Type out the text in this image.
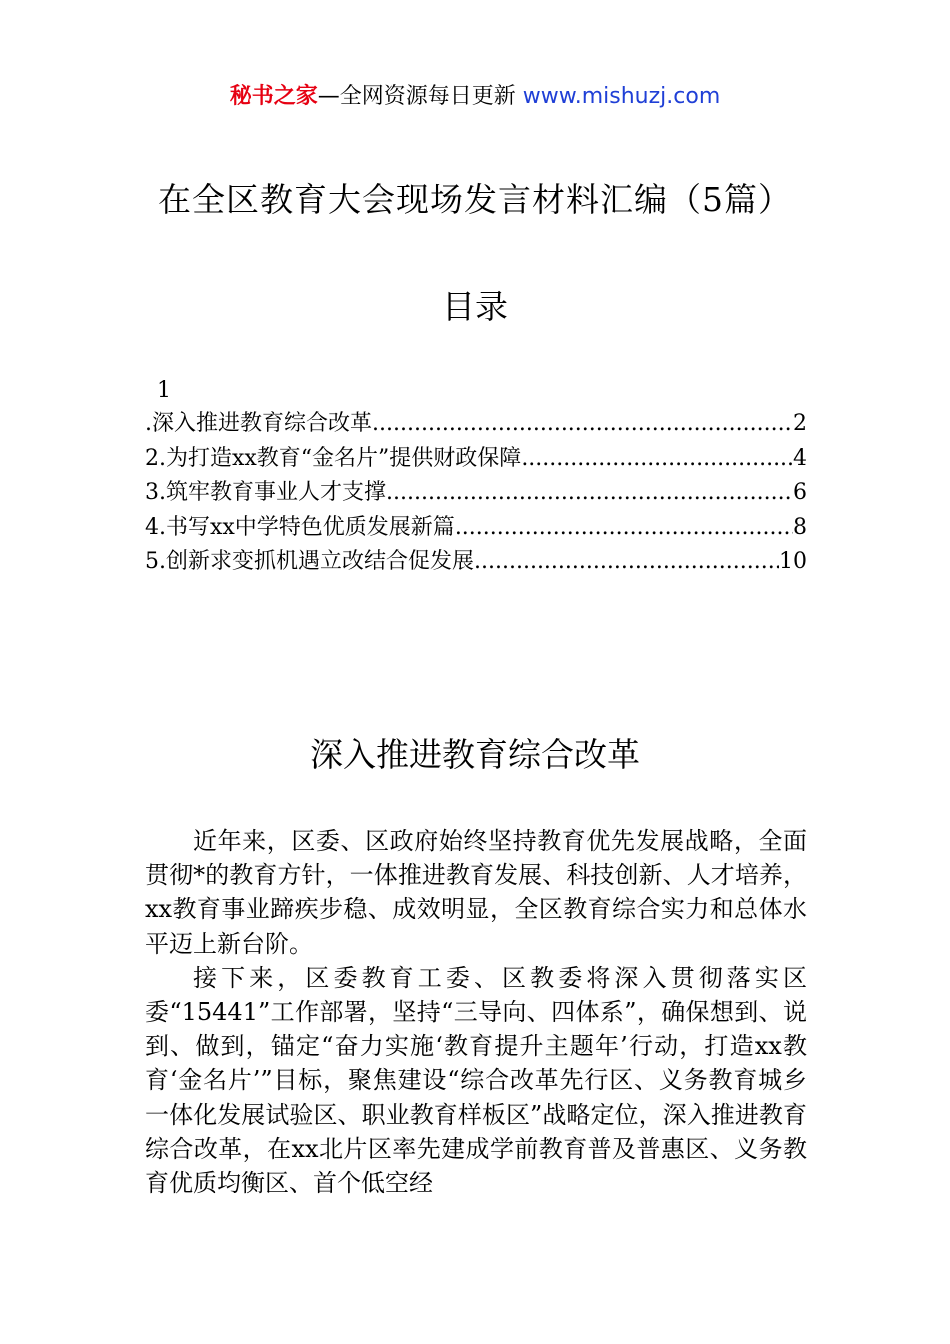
秘书之家—全网资源每日更新 www.mishuzj.com
在全区教育大会现场发言材料汇编（5篇）
目录
1
.深入推进教育综合改革 .....	2
2.为打造xx教育“金名片”提供财政保障 .....	4
3.筑牢教育事业人才支撑 .....	6
4.书写xx中学特色优质发展新篇 .....	8
5.创新求变抓机遇立改结合促发展 .....	10
深入推进教育综合改革

近年来，区委、区政府始终坚持教育优先发展战略，全面贯彻*的教育方针，一体推进教育发展、科技创新、人才培养，xx教育事业蹄疾步稳、成效明显，全区教育综合实力和总体水平迈上新台阶。

接下来，区委教育工委、区教委将深入贯彻落实区委“15441”工作部署，坚持“三导向、四体系”，确保想到、说到、做到，锚定“奋力实施‘教育提升主题年’行动，打造xx教育‘金名片’”目标，聚焦建设“综合改革先行区、义务教育城乡一体化发展试验区、职业教育样板区”战略定位，深入推进教育综合改革，在xx北片区率先建成学前教育普及普惠区、义务教育优质均衡区、首个低空经
